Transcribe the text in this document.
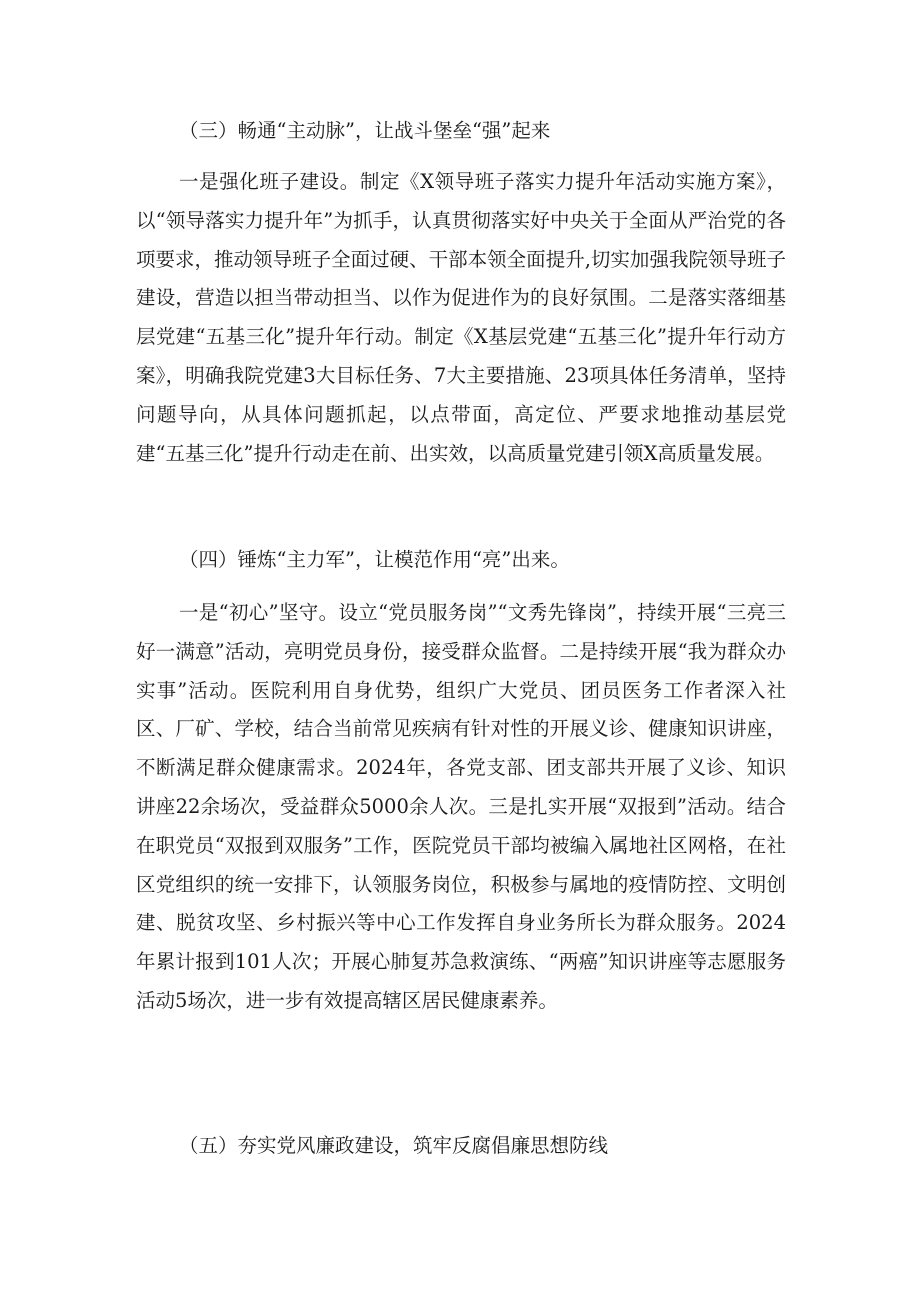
（三）畅通“主动脉”，让战斗堡垒“强”起来

一是强化班子建设。制定《X领导班子落实力提升年活动实施方案》，以“领导落实力提升年”为抓手，认真贯彻落实好中央关于全面从严治党的各项要求，推动领导班子全面过硬、干部本领全面提升,切实加强我院领导班子建设，营造以担当带动担当、以作为促进作为的良好氛围。二是落实落细基层党建“五基三化”提升年行动。制定《X基层党建“五基三化”提升年行动方案》，明确我院党建3大目标任务、7大主要措施、23项具体任务清单，坚持问题导向，从具体问题抓起，以点带面，高定位、严要求地推动基层党建“五基三化”提升行动走在前、出实效，以高质量党建引领X高质量发展。

（四）锤炼“主力军”，让模范作用“亮”出来。

一是“初心”坚守。设立“党员服务岗”“文秀先锋岗”，持续开展“三亮三好一满意”活动，亮明党员身份，接受群众监督。二是持续开展“我为群众办实事”活动。医院利用自身优势，组织广大党员、团员医务工作者深入社区、厂矿、学校，结合当前常见疾病有针对性的开展义诊、健康知识讲座，不断满足群众健康需求。2024年，各党支部、团支部共开展了义诊、知识讲座22余场次，受益群众5000余人次。三是扎实开展“双报到”活动。结合在职党员“双报到双服务”工作，医院党员干部均被编入属地社区网格，在社区党组织的统一安排下，认领服务岗位，积极参与属地的疫情防控、文明创建、脱贫攻坚、乡村振兴等中心工作发挥自身业务所长为群众服务。2024年累计报到101人次；开展心肺复苏急救演练、“两癌”知识讲座等志愿服务活动5场次，进一步有效提高辖区居民健康素养。

（五）夯实党风廉政建设，筑牢反腐倡廉思想防线
